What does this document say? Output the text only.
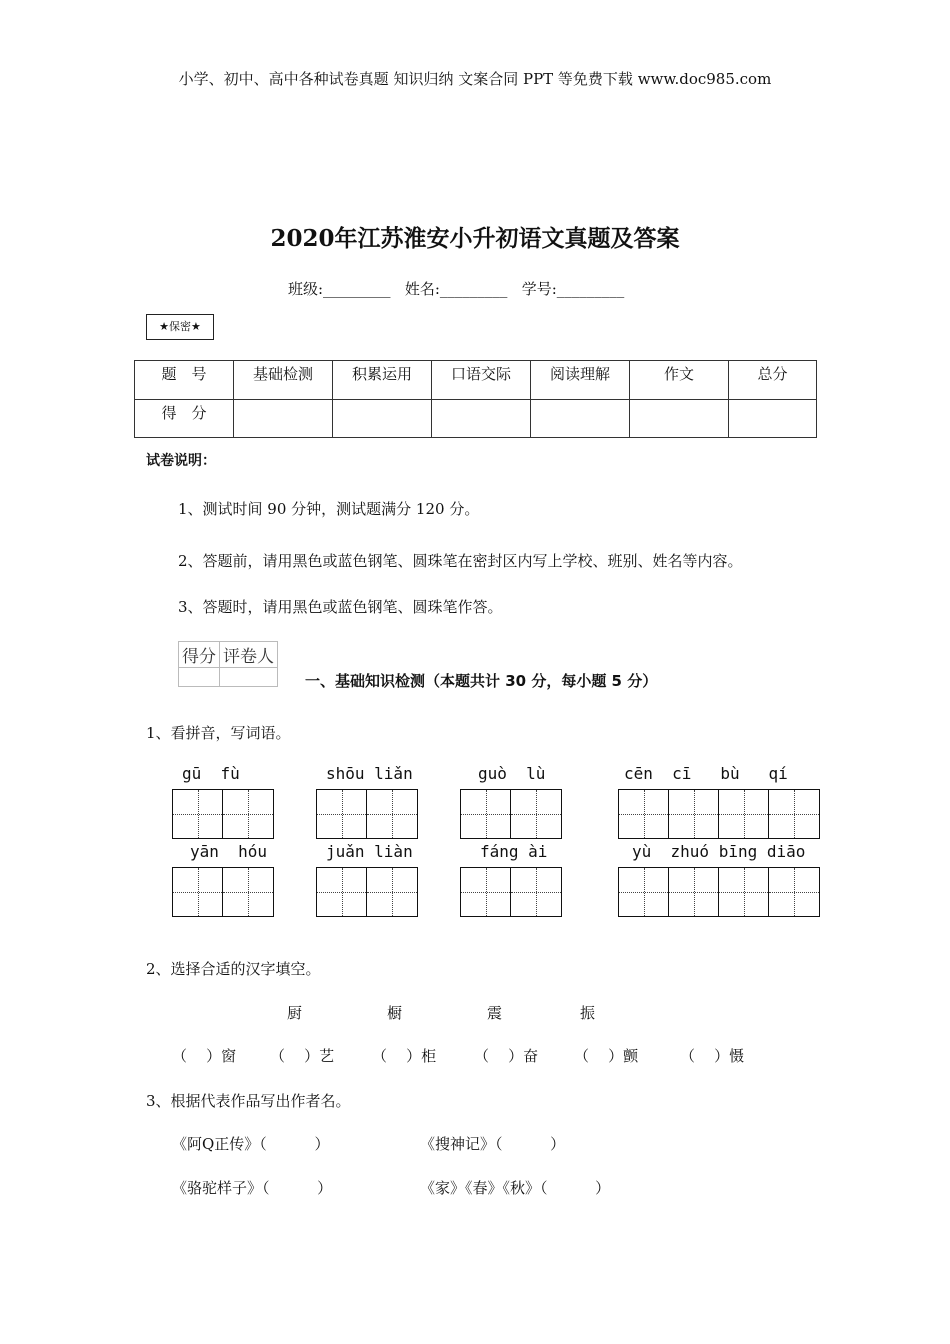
小学、初中、高中各种试卷真题 知识归纳 文案合同 PPT 等免费下载 www.doc985.com
2020年江苏淮安小升初语文真题及答案
班级:_________   姓名:_________   学号:_________
★保密★
题　号	基础检测	积累运用	口语交际	阅读理解	作文	总分
得　分						
试卷说明：
1、测试时间 90 分钟，测试题满分 120 分。
2、答题前，请用黑色或蓝色钢笔、圆珠笔在密封区内写上学校、班别、姓名等内容。
3、答题时，请用黑色或蓝色钢笔、圆珠笔作答。
得分	评卷人

一、基础知识检测（本题共计 30 分，每小题 5 分）
1、看拼音，写词语。
gū  fù	shōu liǎn	guò  lù	cēn  cī   bù   qí
yān  hóu	juǎn liàn	fáng ài	yù  zhuó bīng diāo
2、选择合适的汉字填空。
厨	橱	震	振
（    ）窗 （    ）艺	（    ）柜	（    ）奋 （    ）颤	（    ）慑
3、根据代表作品写出作者名。
《阿Q正传》（          ）	《搜神记》（          ）
《骆驼样子》（          ）	《家》《春》《秋》（          ）
